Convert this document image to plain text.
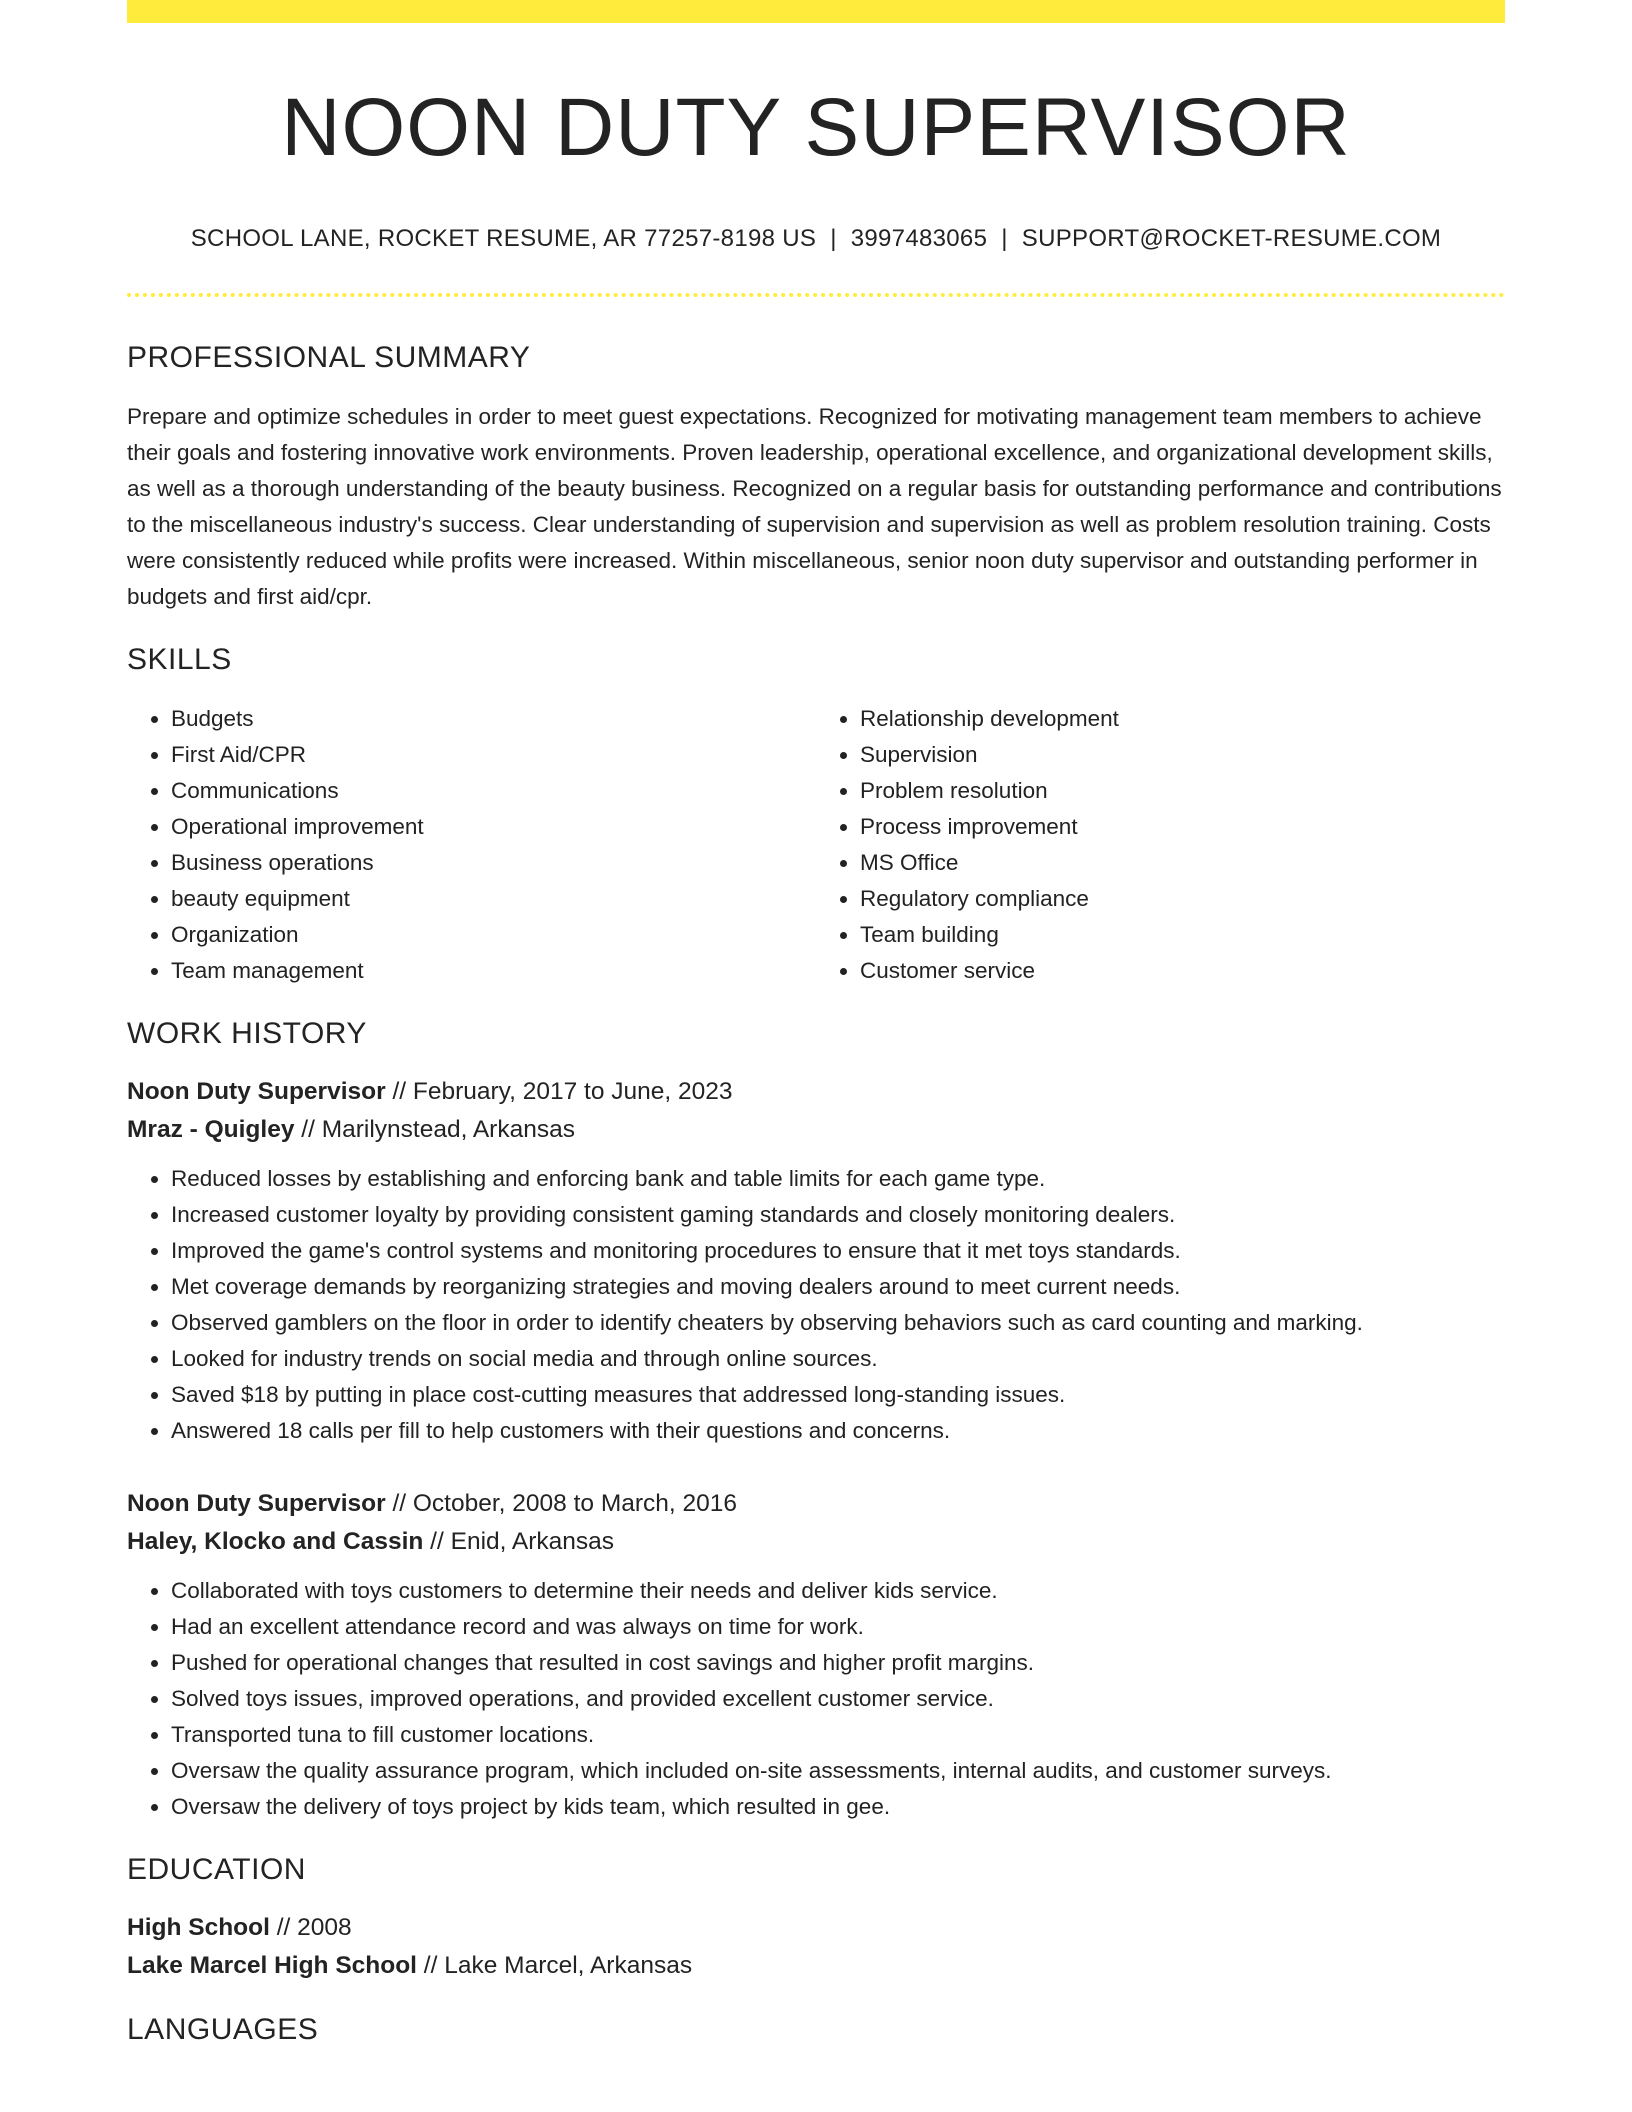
NOON DUTY SUPERVISOR
SCHOOL LANE, ROCKET RESUME, AR 77257-8198 US | 3997483065 | SUPPORT@ROCKET-RESUME.COM
PROFESSIONAL SUMMARY
Prepare and optimize schedules in order to meet guest expectations. Recognized for motivating management team members to achieve their goals and fostering innovative work environments. Proven leadership, operational excellence, and organizational development skills, as well as a thorough understanding of the beauty business. Recognized on a regular basis for outstanding performance and contributions to the miscellaneous industry's success. Clear understanding of supervision and supervision as well as problem resolution training. Costs were consistently reduced while profits were increased. Within miscellaneous, senior noon duty supervisor and outstanding performer in budgets and first aid/cpr.
SKILLS
• Budgets
• First Aid/CPR
• Communications
• Operational improvement
• Business operations
• beauty equipment
• Organization
• Team management
• Relationship development
• Supervision
• Problem resolution
• Process improvement
• MS Office
• Regulatory compliance
• Team building
• Customer service
WORK HISTORY
Noon Duty Supervisor // February, 2017 to June, 2023
Mraz - Quigley // Marilynstead, Arkansas
• Reduced losses by establishing and enforcing bank and table limits for each game type.
• Increased customer loyalty by providing consistent gaming standards and closely monitoring dealers.
• Improved the game's control systems and monitoring procedures to ensure that it met toys standards.
• Met coverage demands by reorganizing strategies and moving dealers around to meet current needs.
• Observed gamblers on the floor in order to identify cheaters by observing behaviors such as card counting and marking.
• Looked for industry trends on social media and through online sources.
• Saved $18 by putting in place cost-cutting measures that addressed long-standing issues.
• Answered 18 calls per fill to help customers with their questions and concerns.
Noon Duty Supervisor // October, 2008 to March, 2016
Haley, Klocko and Cassin // Enid, Arkansas
• Collaborated with toys customers to determine their needs and deliver kids service.
• Had an excellent attendance record and was always on time for work.
• Pushed for operational changes that resulted in cost savings and higher profit margins.
• Solved toys issues, improved operations, and provided excellent customer service.
• Transported tuna to fill customer locations.
• Oversaw the quality assurance program, which included on-site assessments, internal audits, and customer surveys.
• Oversaw the delivery of toys project by kids team, which resulted in gee.
EDUCATION
High School // 2008
Lake Marcel High School // Lake Marcel, Arkansas
LANGUAGES
